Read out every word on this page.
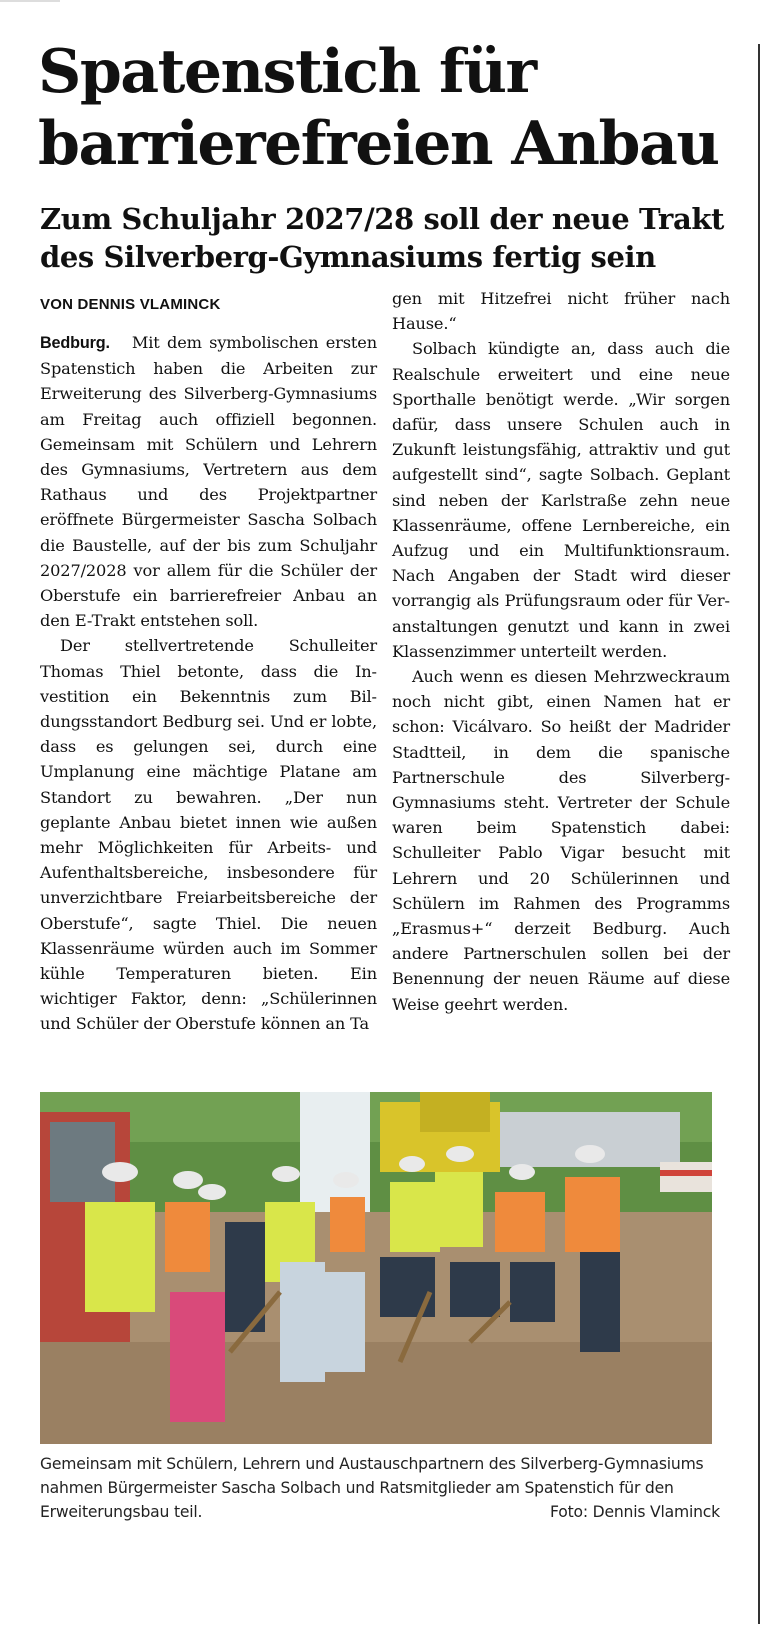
Spatenstich für barrierefreien Anbau
Zum Schuljahr 2027/28 soll der neue Trakt des Silverberg-Gymnasiums fertig sein
VON DENNIS VLAMINCK

Bedburg. Mit dem symbolischen ersten Spatenstich haben die Arbeiten zur Erweiterung des Silverberg-Gymnasiums am Freitag auch offiziell begonnen. Gemeinsam mit Schülern und Lehrern des Gymnasiums, Vertretern aus dem Rathaus und des Projektpartner eröffnete Bürgermeister Sascha Solbach die Baustelle, auf der bis zum Schuljahr 2027/2028 vor allem für die Schüler der Oberstufe ein barrierefreier Anbau an den E-Trakt entstehen soll.

Der stellvertretende Schulleiter Thomas Thiel betonte, dass die Investition ein Bekenntnis zum Bildungsstandort Bedburg sei. Und er lobte, dass es gelungen sei, durch eine Umplanung eine mächtige Platane am Standort zu bewahren. „Der nun geplante Anbau bietet innen wie außen mehr Möglichkeiten für Arbeits- und Aufenthaltsbereiche, insbesondere für unverzichtbare Freiarbeitsbereiche der Oberstufe“, sagte Thiel. Die neuen Klassenräume würden auch im Sommer kühle Temperaturen bieten. Ein wichtiger Faktor, denn: „Schülerinnen und Schüler der Oberstufe können an Ta

gen mit Hitzefrei nicht früher nach Hause.“

Solbach kündigte an, dass auch die Realschule erweitert und eine neue Sporthalle benötigt werde. „Wir sorgen dafür, dass unsere Schulen auch in Zukunft leistungsfähig, attraktiv und gut aufgestellt sind“, sagte Solbach. Geplant sind neben der Karlstraße zehn neue Klassenräume, offene Lernbereiche, ein Aufzug und ein Multifunktionsraum. Nach Angaben der Stadt wird dieser vorrangig als Prüfungsraum oder für Veranstaltungen genutzt und kann in zwei Klassenzimmer unterteilt werden.

Auch wenn es diesen Mehrzweckraum noch nicht gibt, einen Namen hat er schon: Vicálvaro. So heißt der Madrider Stadtteil, in dem die spanische Partnerschule des Silverberg-Gymnasiums steht. Vertreter der Schule waren beim Spatenstich dabei: Schulleiter Pablo Vigar besucht mit Lehrern und 20 Schülerinnen und Schülern im Rahmen des Programms „Erasmus+“ derzeit Bedburg. Auch andere Partnerschulen sollen bei der Benennung der neuen Räume auf diese Weise geehrt werden.

Gemeinsam mit Schülern, Lehrern und Austauschpartnern des Silverberg-Gymnasiums nahmen Bürgermeister Sascha Solbach und Ratsmitglieder am Spatenstich für den Erweiterungsbau teil.	Foto: Dennis Vlaminck
